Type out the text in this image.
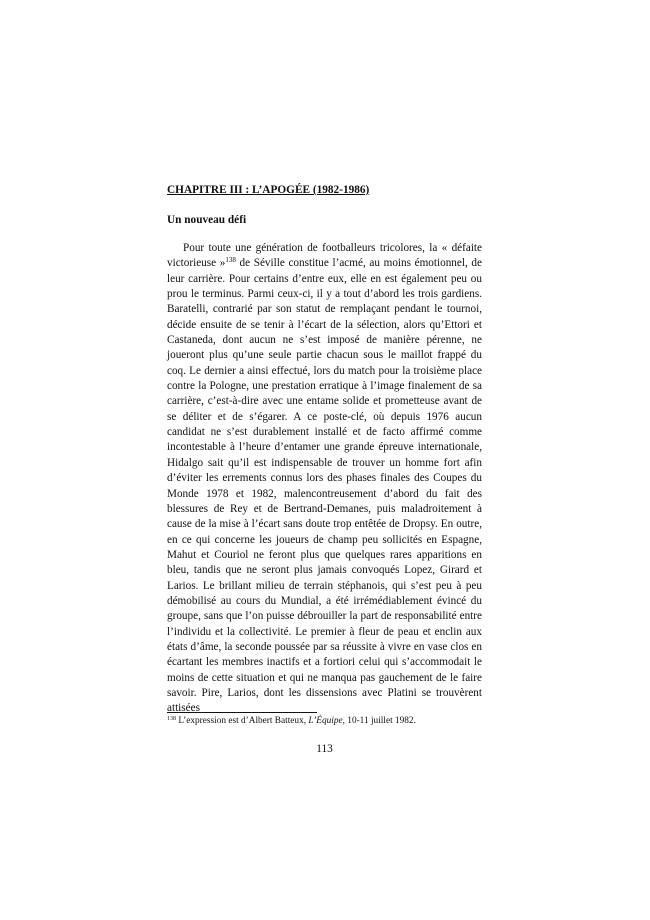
CHAPITRE III : L’APOGÉE (1982-1986)
Un nouveau défi

Pour toute une génération de footballeurs tricolores, la « défaite victorieuse »$^{138}$ de Séville constitue l’acmé, au moins émotionnel, de leur carrière. Pour certains d’entre eux, elle en est également peu ou prou le terminus. Parmi ceux-ci, il y a tout d’abord les trois gardiens. Baratelli, contrarié par son statut de remplaçant pendant le tournoi, décide ensuite de se tenir à l’écart de la sélection, alors qu’Ettori et Castaneda, dont aucun ne s’est imposé de manière pérenne, ne joueront plus qu’une seule partie chacun sous le maillot frappé du coq. Le dernier a ainsi effectué, lors du match pour la troisième place contre la Pologne, une prestation erratique à l’image finalement de sa carrière, c’est-à-dire avec une entame solide et prometteuse avant de se déliter et de s’égarer. A ce poste-clé, où depuis 1976 aucun candidat ne s’est durablement installé et de facto affirmé comme incontestable à l’heure d’entamer une grande épreuve internationale, Hidalgo sait qu’il est indispensable de trouver un homme fort afin d’éviter les errements connus lors des phases finales des Coupes du Monde 1978 et 1982, malencontreusement d’abord du fait des blessures de Rey et de Bertrand-Demanes, puis maladroitement à cause de la mise à l’écart sans doute trop entêtée de Dropsy. En outre, en ce qui concerne les joueurs de champ peu sollicités en Espagne, Mahut et Couriol ne feront plus que quelques rares apparitions en bleu, tandis que ne seront plus jamais convoqués Lopez, Girard et Larios. Le brillant milieu de terrain stéphanois, qui s’est peu à peu démobilisé au cours du Mundial, a été irrémédiablement évincé du groupe, sans que l’on puisse débrouiller la part de responsabilité entre l’individu et la collectivité. Le premier à fleur de peau et enclin aux états d’âme, la seconde poussée par sa réussite à vivre en vase clos en écartant les membres inactifs et a fortiori celui qui s’accommodait le moins de cette situation et qui ne manqua pas gauchement de le faire savoir. Pire, Larios, dont les dissensions avec Platini se trouvèrent attisées

$^{138}$ L’expression est d’Albert Batteux, L’Équipe, 10-11 juillet 1982.

113
